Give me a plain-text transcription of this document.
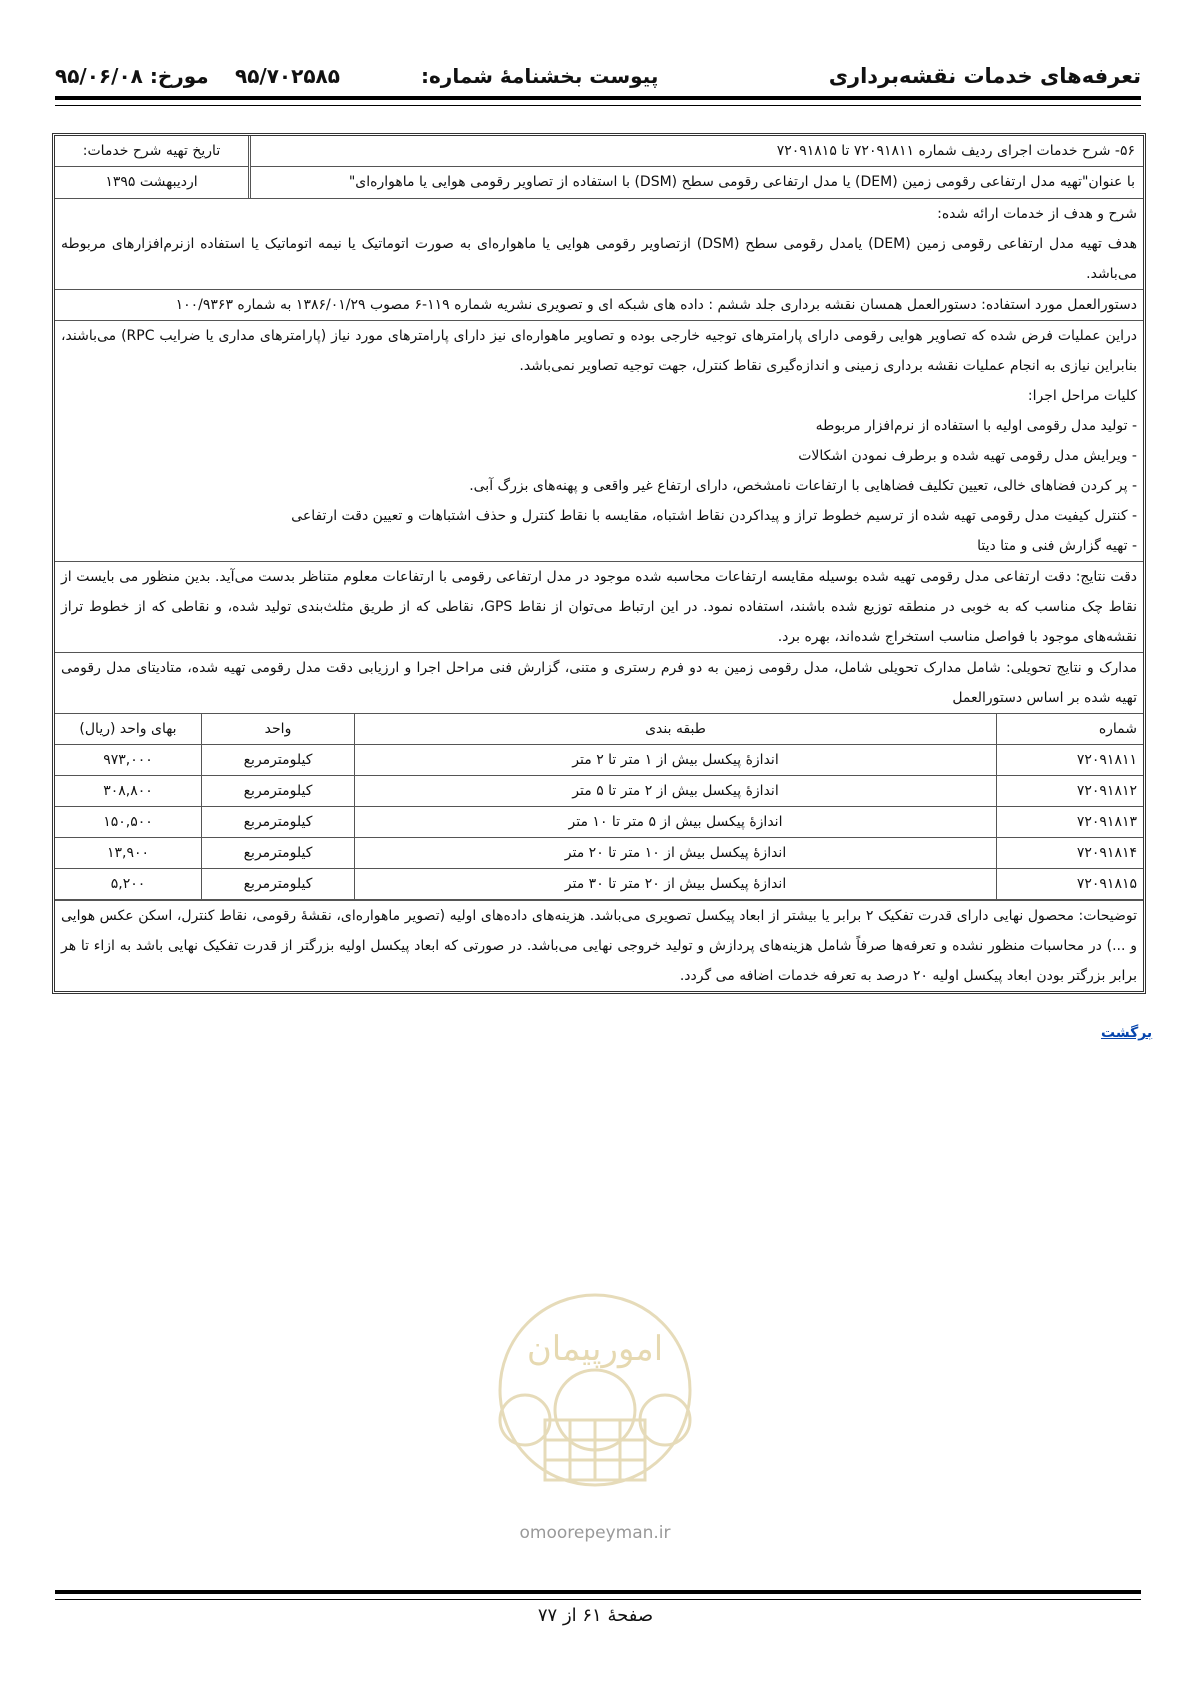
تعرفه‌های خدمات نقشه‌برداری
پیوست بخشنامهٔ شماره:
۹۵/۷۰۲۵۸۵
مورخ: ۹۵/۰۶/۰۸
۵۶- شرح خدمات اجرای ردیف شماره ۷۲۰۹۱۸۱۱ تا ۷۲۰۹۱۸۱۵
با عنوان"تهیه مدل ارتفاعی رقومی زمین (DEM) یا مدل ارتفاعی رقومی سطح (DSM) با استفاده از تصاویر رقومی هوایی یا ماهواره‌ای"
تاریخ تهیه شرح خدمات:
اردیبهشت ۱۳۹۵

شرح و هدف از خدمات ارائه شده:

هدف تهیه مدل ارتفاعی رقومی زمین (DEM) یامدل رقومی سطح (DSM) ازتصاویر رقومی هوایی یا ماهواره‌ای به صورت اتوماتیک یا نیمه اتوماتیک یا استفاده ازنرم‌افزارهای مربوطه می‌باشد.

دستورالعمل مورد استفاده: دستورالعمل همسان نقشه برداری جلد ششم : داده های شبکه ای و تصویری نشریه شماره ۱۱۹-۶ مصوب ۱۳۸۶/۰۱/۲۹ به شماره ۱۰۰/۹۳۶۳

دراین عملیات فرض شده که تصاویر هوایی رقومی دارای پارامترهای توجیه خارجی بوده و تصاویر ماهواره‌ای نیز دارای پارامترهای مورد نیاز (پارامترهای مداری یا ضرایب RPC) می‌باشند، بنابراین نیازی به انجام عملیات نقشه برداری زمینی و اندازه‌گیری نقاط کنترل، جهت توجیه تصاویر نمی‌باشد.

کلیات مراحل اجرا:

- تولید مدل رقومی اولیه با استفاده از نرم‌افزار مربوطه

- ویرایش مدل رقومی تهیه شده و برطرف نمودن اشکالات

- پر کردن فضاهای خالی، تعیین تکلیف فضاهایی با ارتفاعات نامشخص، دارای ارتفاع غیر واقعی و پهنه‌های بزرگ آبی.

- کنترل کیفیت مدل رقومی تهیه شده از ترسیم خطوط تراز و پیداکردن نقاط اشتباه، مقایسه با نقاط کنترل و حذف اشتباهات و تعیین دقت ارتفاعی

- تهیه گزارش فنی و متا دیتا

دقت نتایج: دقت ارتفاعی مدل رقومی تهیه شده بوسیله مقایسه ارتفاعات محاسبه شده موجود در مدل ارتفاعی رقومی با ارتفاعات معلوم متناظر بدست می‌آید. بدین منظور می بایست از نقاط چک مناسب که به خوبی در منطقه توزیع شده باشند، استفاده نمود. در این ارتباط می‌توان از نقاط GPS، نقاطی که از طریق مثلث‌بندی تولید شده، و نقاطی که از خطوط تراز نقشه‌های موجود با فواصل مناسب استخراج شده‌اند، بهره برد.

مدارک و نتایج تحویلی: شامل مدارک تحویلی شامل، مدل رقومی زمین به دو فرم رستری و متنی، گزارش فنی مراحل اجرا و ارزیابی دقت مدل رقومی تهیه شده، متادیتای مدل رقومی تهیه شده بر اساس دستورالعمل

شماره	طبقه بندی	واحد	بهای واحد (ریال)
۷۲۰۹۱۸۱۱	اندازهٔ پیکسل بیش از ۱ متر تا ۲ متر	کیلومترمربع	۹۷۳,۰۰۰
۷۲۰۹۱۸۱۲	اندازهٔ پیکسل بیش از ۲ متر تا ۵ متر	کیلومترمربع	۳۰۸,۸۰۰
۷۲۰۹۱۸۱۳	اندازهٔ پیکسل بیش از ۵ متر تا ۱۰ متر	کیلومترمربع	۱۵۰,۵۰۰
۷۲۰۹۱۸۱۴	اندازهٔ پیکسل بیش از ۱۰ متر تا ۲۰ متر	کیلومترمربع	۱۳,۹۰۰
۷۲۰۹۱۸۱۵	اندازهٔ پیکسل بیش از ۲۰ متر تا ۳۰ متر	کیلومترمربع	۵,۲۰۰

توضیحات: محصول نهایی دارای قدرت تفکیک ۲ برابر یا بیشتر از ابعاد پیکسل تصویری می‌باشد. هزینه‌های داده‌های اولیه (تصویر ماهواره‌ای، نقشهٔ رقومی، نقاط کنترل، اسکن عکس هوایی و ...) در محاسبات منظور نشده و تعرفه‌ها صرفاً شامل هزینه‌های پردازش و تولید خروجی نهایی می‌باشد. در صورتی که ابعاد پیکسل اولیه بزرگتر از قدرت تفکیک نهایی باشد به ازاء تا هر برابر بزرگتر بودن ابعاد پیکسل اولیه ۲۰ درصد به تعرفه خدمات اضافه می گردد.

برگشت
امورپیمان
omoorepeyman.ir
صفحهٔ ۶۱ از ۷۷
